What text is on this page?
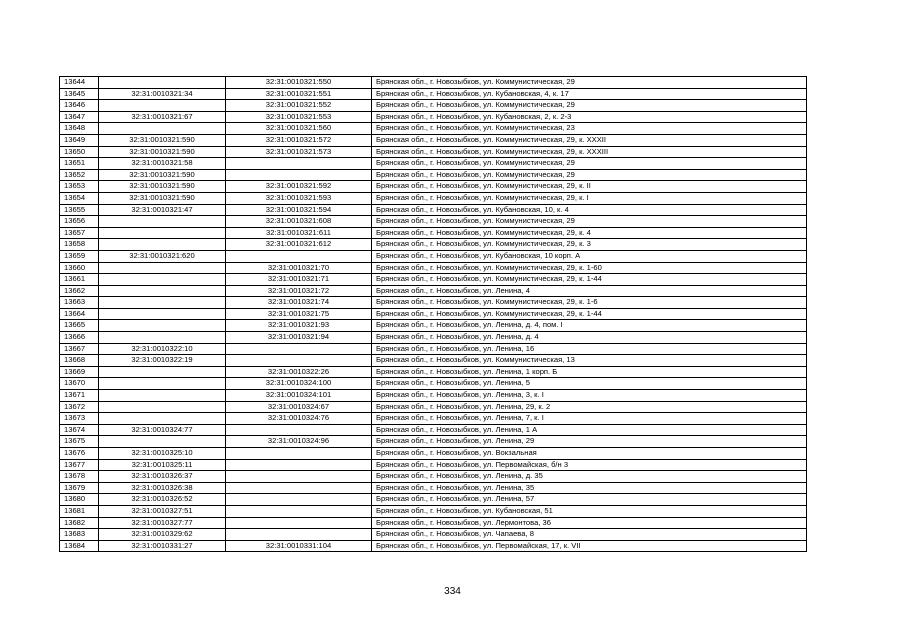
13644		32:31:0010321:550	Брянская обл., г. Новозыбков, ул. Коммунистическая, 29
13645	32:31:0010321:34	32:31:0010321:551	Брянская обл., г. Новозыбков, ул. Кубановская, 4, к. 17
13646		32:31:0010321:552	Брянская обл., г. Новозыбков, ул. Коммунистическая, 29
13647	32:31:0010321:67	32:31:0010321:553	Брянская обл., г. Новозыбков, ул. Кубановская, 2, к. 2-3
13648		32:31:0010321:560	Брянская обл., г. Новозыбков, ул. Коммунистическая, 23
13649	32:31:0010321:590	32:31:0010321:572	Брянская обл., г. Новозыбков, ул. Коммунистическая, 29, к. XXXII
13650	32:31:0010321:590	32:31:0010321:573	Брянская обл., г. Новозыбков, ул. Коммунистическая, 29, к. XXXIII
13651	32:31:0010321:58		Брянская обл., г. Новозыбков, ул. Коммунистическая, 29
13652	32:31:0010321:590		Брянская обл., г. Новозыбков, ул. Коммунистическая, 29
13653	32:31:0010321:590	32:31:0010321:592	Брянская обл., г. Новозыбков, ул. Коммунистическая, 29, к. II
13654	32:31:0010321:590	32:31:0010321:593	Брянская обл., г. Новозыбков, ул. Коммунистическая, 29, к. I
13655	32:31:0010321:47	32:31:0010321:594	Брянская обл., г. Новозыбков, ул. Кубановская, 10, к. 4
13656		32:31:0010321:608	Брянская обл., г. Новозыбков, ул. Коммунистическая, 29
13657		32:31:0010321:611	Брянская обл., г. Новозыбков, ул. Коммунистическая, 29, к. 4
13658		32:31:0010321:612	Брянская обл., г. Новозыбков, ул. Коммунистическая, 29, к. 3
13659	32:31:0010321:620		Брянская обл., г. Новозыбков, ул. Кубановская, 10 корп. А
13660		32:31:0010321:70	Брянская обл., г. Новозыбков, ул. Коммунистическая, 29, к. 1-60
13661		32:31:0010321:71	Брянская обл., г. Новозыбков, ул. Коммунистическая, 29, к. 1-44
13662		32:31:0010321:72	Брянская обл., г. Новозыбков, ул. Ленина, 4
13663		32:31:0010321:74	Брянская обл., г. Новозыбков, ул. Коммунистическая, 29, к. 1-6
13664		32:31:0010321:75	Брянская обл., г. Новозыбков, ул. Коммунистическая, 29, к. 1-44
13665		32:31:0010321:93	Брянская обл., г. Новозыбков, ул. Ленина, д. 4, пом. I
13666		32:31:0010321:94	Брянская обл., г. Новозыбков, ул. Ленина, д. 4
13667	32:31:0010322:10		Брянская обл., г. Новозыбков, ул. Ленина, 16
13668	32:31:0010322:19		Брянская обл., г. Новозыбков, ул. Коммунистическая, 13
13669		32:31:0010322:26	Брянская обл., г. Новозыбков, ул. Ленина, 1 корп. Б
13670		32:31:0010324:100	Брянская обл., г. Новозыбков, ул. Ленина, 5
13671		32:31:0010324:101	Брянская обл., г. Новозыбков, ул. Ленина, 3, к. I
13672		32:31:0010324:67	Брянская обл., г. Новозыбков, ул. Ленина, 29, к. 2
13673		32:31:0010324:76	Брянская обл., г. Новозыбков, ул. Ленина, 7, к. I
13674	32:31:0010324:77		Брянская обл., г. Новозыбков, ул. Ленина, 1 А
13675		32:31:0010324:96	Брянская обл., г. Новозыбков, ул. Ленина, 29
13676	32:31:0010325:10		Брянская обл., г. Новозыбков, ул. Вокзальная
13677	32:31:0010325:11		Брянская обл., г. Новозыбков, ул. Первомайская, б/н 3
13678	32:31:0010326:37		Брянская обл., г. Новозыбков, ул. Ленина, д. 35
13679	32:31:0010326:38		Брянская обл., г. Новозыбков, ул. Ленина, 35
13680	32:31:0010326:52		Брянская обл., г. Новозыбков, ул. Ленина, 57
13681	32:31:0010327:51		Брянская обл., г. Новозыбков, ул. Кубановская, 51
13682	32:31:0010327:77		Брянская обл., г. Новозыбков, ул. Лермонтова, 36
13683	32:31:0010329:62		Брянская обл., г. Новозыбков, ул. Чапаева, 8
13684	32:31:0010331:27	32:31:0010331:104	Брянская обл., г. Новозыбков, ул. Первомайская, 17, к. VII
334
